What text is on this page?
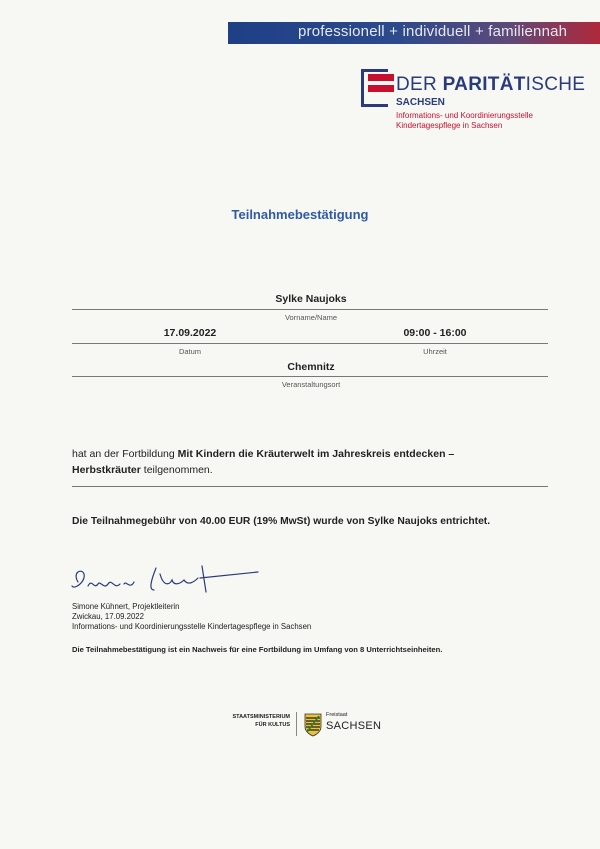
professionell + individuell + familiennah
DER PARITÄTISCHE
SACHSEN
Informations- und Koordinierungsstelle
Kindertagespflege in Sachsen
Teilnahmebestätigung
Sylke Naujoks
Vorname/Name
17.09.2022	09:00 - 16:00
Datum	Uhrzeit
Chemnitz
Veranstaltungsort
hat an der Fortbildung Mit Kindern die Kräuterwelt im Jahreskreis entdecken –
Herbstkräuter teilgenommen.
Die Teilnahmegebühr von 40.00 EUR (19% MwSt) wurde von Sylke Naujoks entrichtet.
Simone Kühnert, Projektleiterin
Zwickau, 17.09.2022
Informations- und Koordinierungsstelle Kindertagespflege in Sachsen
Die Teilnahmebestätigung ist ein Nachweis für eine Fortbildung im Umfang von 8 Unterrichtseinheiten.
STAATSMINISTERIUM
FÜR KULTUS
Freistaat
SACHSEN
